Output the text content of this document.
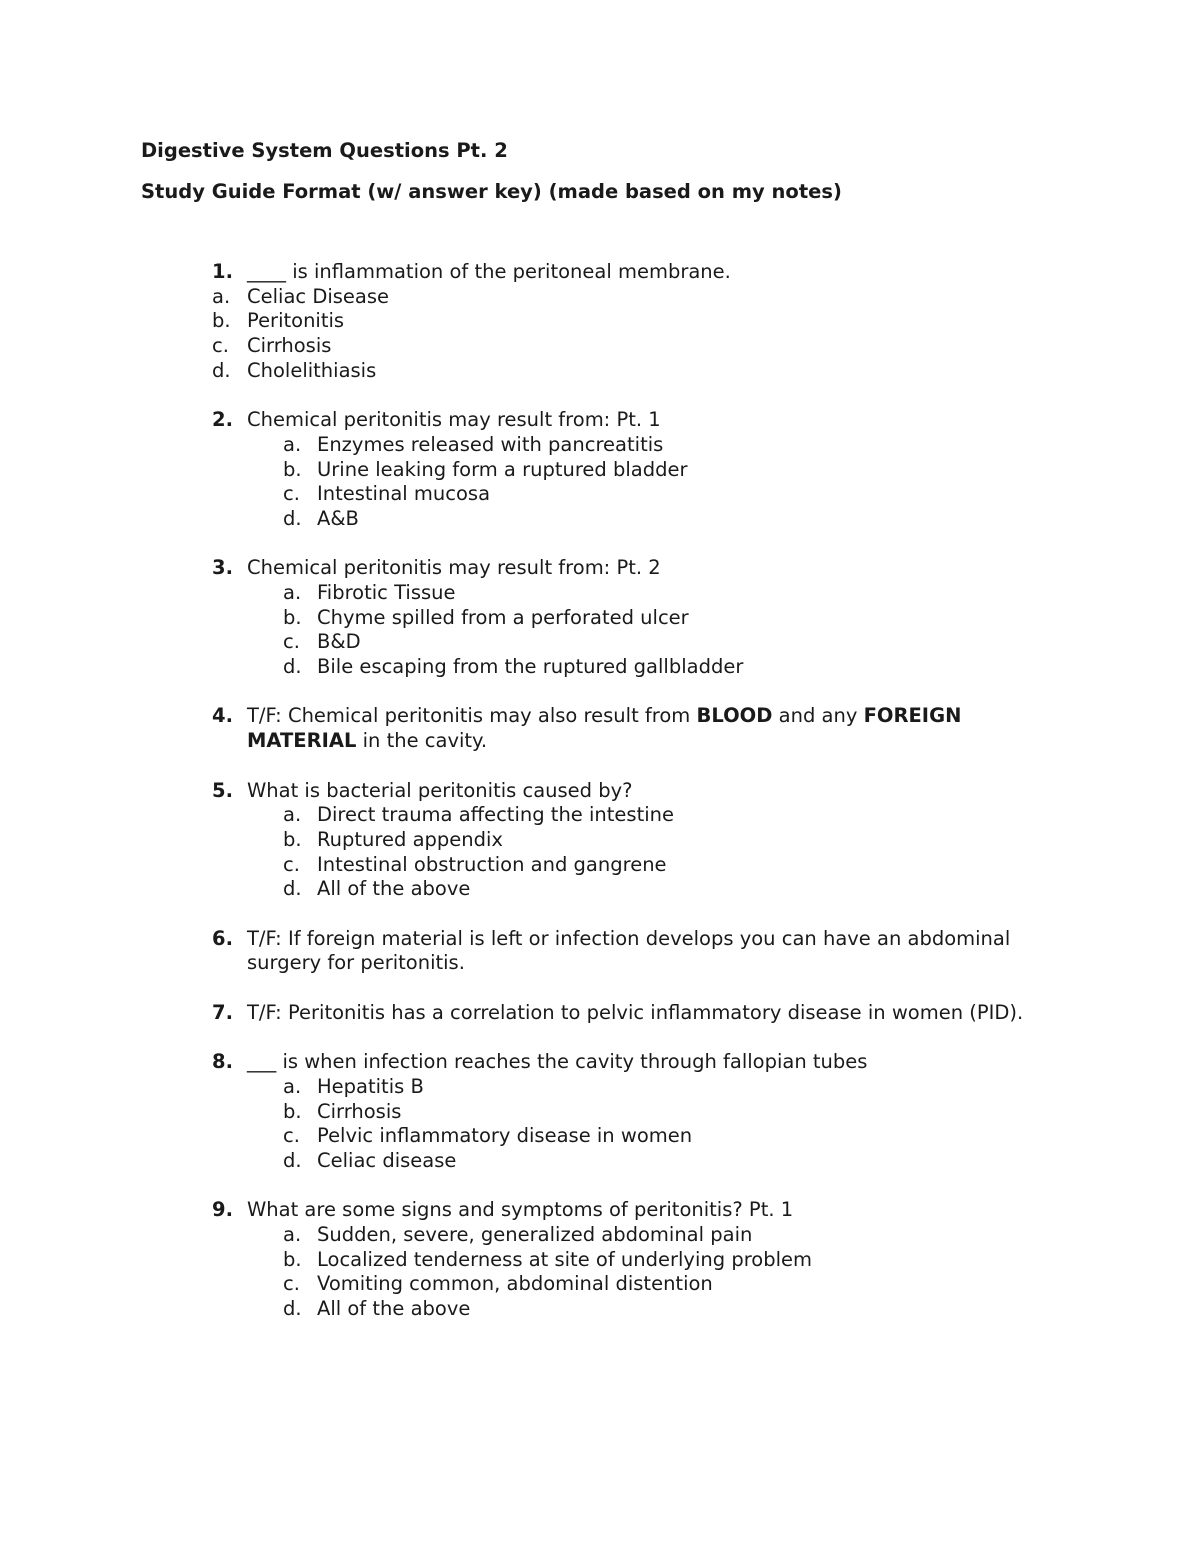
Digestive System Questions Pt. 2
Study Guide Format (w/ answer key) (made based on my notes)
1. ____ is inflammation of the peritoneal membrane.
a. Celiac Disease
b. Peritonitis
c. Cirrhosis
d. Cholelithiasis
2. Chemical peritonitis may result from: Pt. 1
a. Enzymes released with pancreatitis
b. Urine leaking form a ruptured bladder
c. Intestinal mucosa
d. A&B
3. Chemical peritonitis may result from: Pt. 2
a. Fibrotic Tissue
b. Chyme spilled from a perforated ulcer
c. B&D
d. Bile escaping from the ruptured gallbladder
4. T/F: Chemical peritonitis may also result from BLOOD and any FOREIGN MATERIAL in the cavity.
5. What is bacterial peritonitis caused by?
a. Direct trauma affecting the intestine
b. Ruptured appendix
c. Intestinal obstruction and gangrene
d. All of the above
6. T/F: If foreign material is left or infection develops you can have an abdominal surgery for peritonitis.
7. T/F: Peritonitis has a correlation to pelvic inflammatory disease in women (PID).
8. ___ is when infection reaches the cavity through fallopian tubes
a. Hepatitis B
b. Cirrhosis
c. Pelvic inflammatory disease in women
d. Celiac disease
9. What are some signs and symptoms of peritonitis? Pt. 1
a. Sudden, severe, generalized abdominal pain
b. Localized tenderness at site of underlying problem
c. Vomiting common, abdominal distention
d. All of the above
